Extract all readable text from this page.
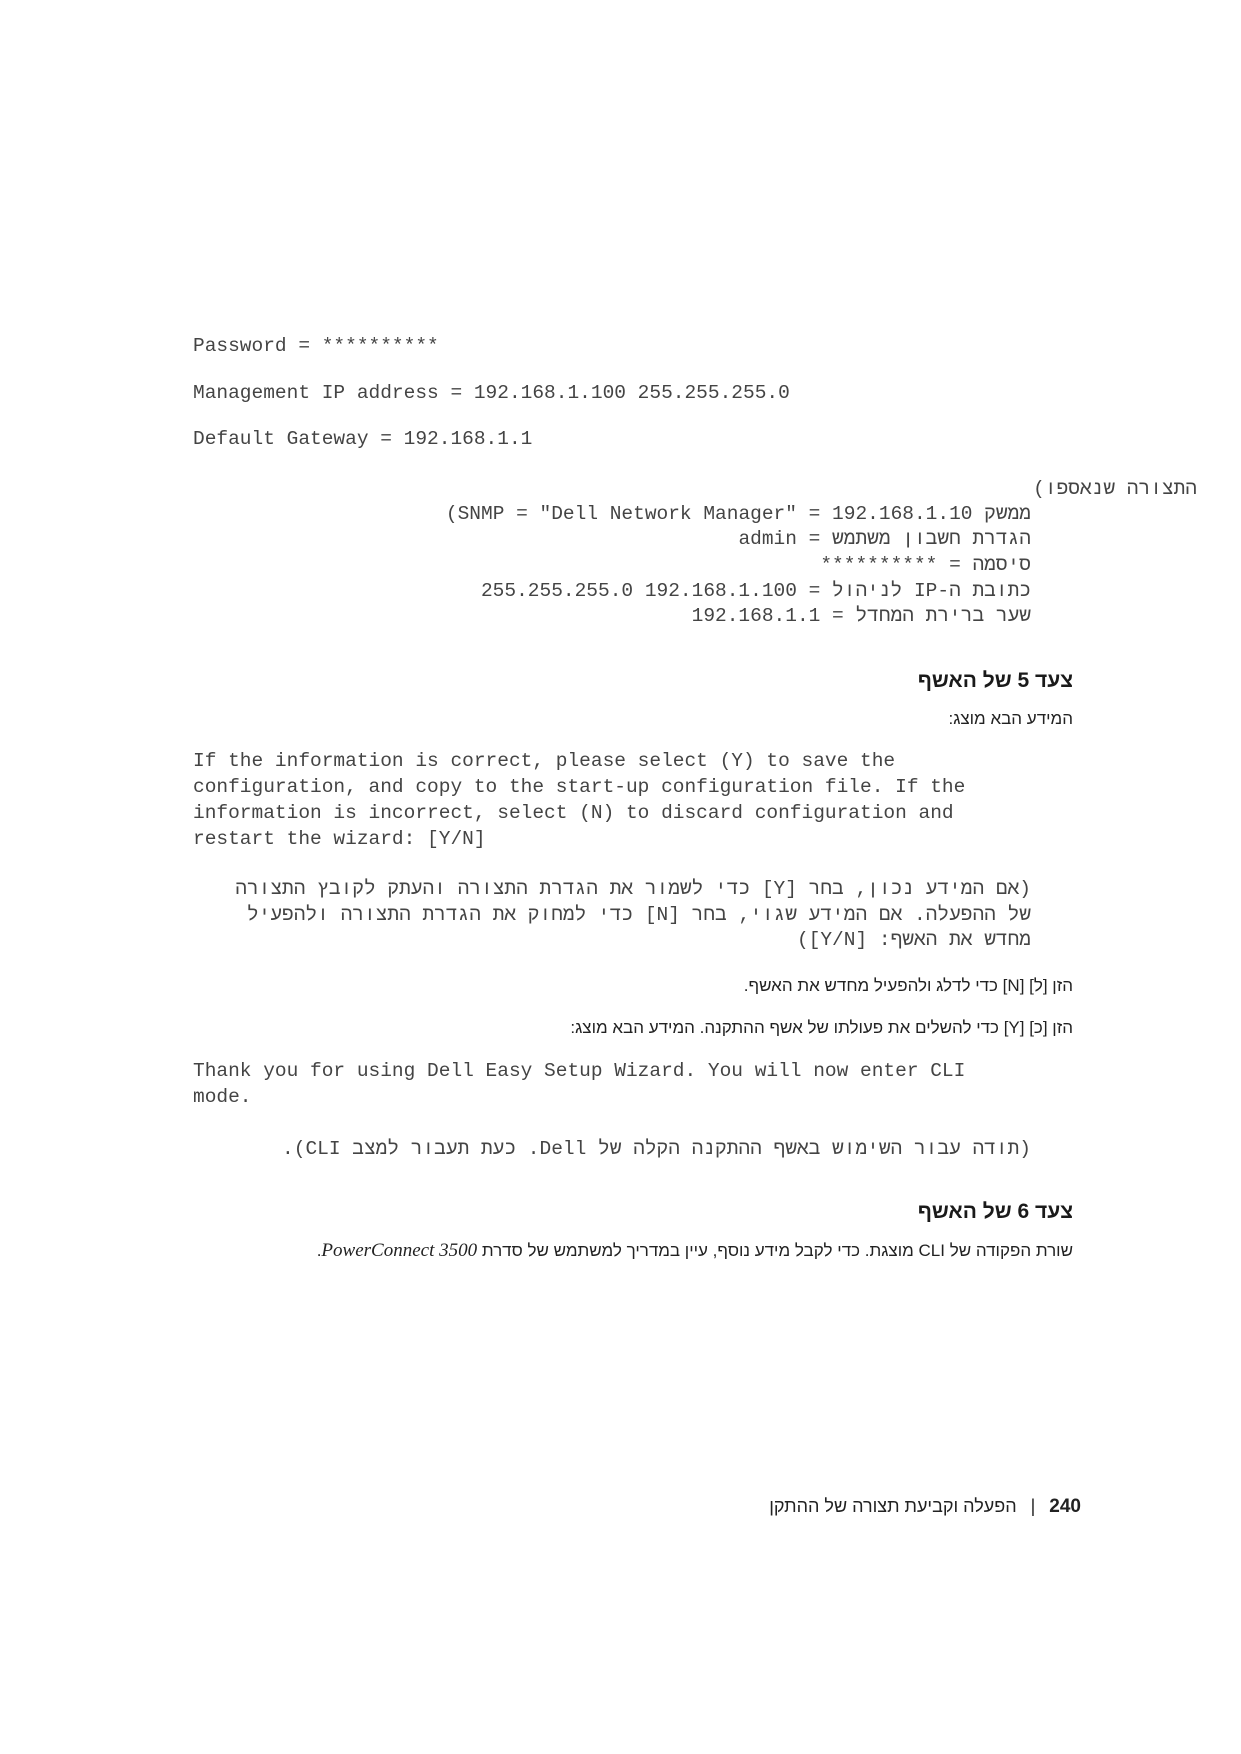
Password = **********
Management IP address = 192.168.1.100 255.255.255.0
Default Gateway = 192.168.1.1
התצורה שנאספו)
ממשק SNMP = "Dell Network Manager" = 192.168.1.10)
הגדרת חשבון משתמש = admin
סיסמה = **********
כתובת ה-IP לניהול = 192.168.1.100 255.255.255.0
שער ברירת המחדל = 192.168.1.1
צעד 5 של האשף
המידע הבא מוצג:
If the information is correct, please select (Y) to save the
configuration, and copy to the start-up configuration file. If the
information is incorrect, select (N) to discard configuration and
restart the wizard: [Y/N]
(אם המידע נכון, בחר [Y] כדי לשמור את הגדרת התצורה והעתק לקובץ התצורה
של ההפעלה. אם המידע שגוי, בחר [N] כדי למחוק את הגדרת התצורה ולהפעיל
מחדש את האשף: [Y/N])
הזן [ל] [N] כדי לדלג ולהפעיל מחדש את האשף.
הזן [כ] [Y] כדי להשלים את פעולתו של אשף ההתקנה. המידע הבא מוצג:
Thank you for using Dell Easy Setup Wizard. You will now enter CLI
mode.
(תודה עבור השימוש באשף ההתקנה הקלה של Dell. כעת תעבור למצב CLI).
צעד 6 של האשף
שורת הפקודה של CLI מוצגת. כדי לקבל מידע נוסף, עיין במדריך למשתמש של סדרת PowerConnect 3500.
240|הפעלה וקביעת תצורה של ההתקן
